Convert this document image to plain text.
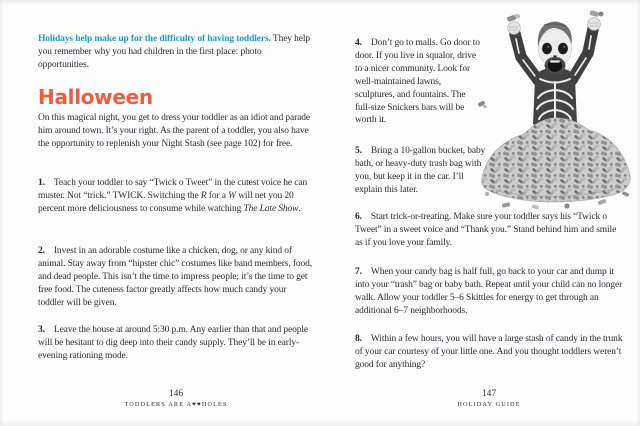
Holidays help make up for the difficulty of having toddlers. They help you remember why you had children in the first place: photo opportunities.
Halloween

On this magical night, you get to dress your toddler as an idiot and parade him around town. It’s your right. As the parent of a toddler, you also have the opportunity to replenish your Night Stash (see page 102) for free.

1. Teach your toddler to say “Twick o Tweet” in the cutest voice he can muster. Not “trick.” TWICK. Switching the R for a W will net you 20 percent more deliciousness to consume while watching The Late Show.
2. Invest in an adorable costume like a chicken, dog, or any kind of animal. Stay away from “hipster chic” costumes like band members, food, and dead people. This isn’t the time to impress people; it’s the time to get free food. The cuteness factor greatly affects how much candy your toddler will be given.
3. Leave the house at around 5:30 p.m. Any earlier than that and people will be hesitant to dig deep into their candy supply. They’ll be in early-evening rationing mode.
146
TODDLERS ARE A♥♥HOLES
4. Don’t go to malls. Go door to door. If you live in squalor, drive to a nicer community. Look for well-maintained lawns, sculptures, and fountains. The full-size Snickers bars will be worth it.
5. Bring a 10-gallon bucket, baby bath, or heavy-duty trash bag with you, but keep it in the car. I’ll explain this later.
6. Start trick-or-treating. Make sure your toddler says his “Twick o Tweet” in a sweet voice and “Thank you.” Stand behind him and smile as if you love your family.
7. When your candy bag is half full, go back to your car and dump it into your “trash” bag or baby bath. Repeat until your child can no longer walk. Allow your toddler 5–6 Skittles for energy to get through an additional 6–7 neighborhoods.
8. Within a few hours, you will have a large stash of candy in the trunk of your car courtesy of your little one. And you thought toddlers weren’t good for anything?
147
HOLIDAY GUIDE
